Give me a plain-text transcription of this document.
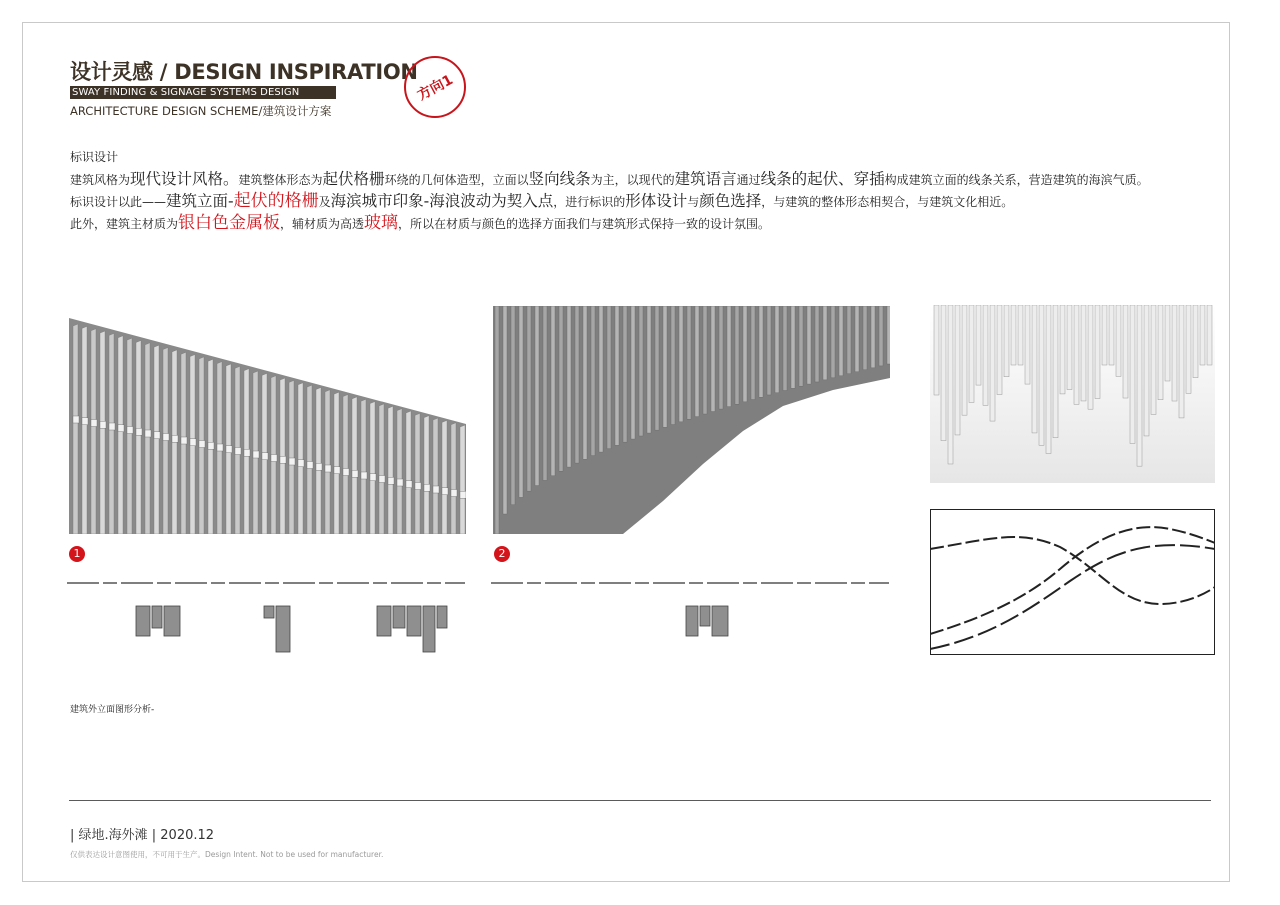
设计灵感 / DESIGN INSPIRATION
SWAY FINDING & SIGNAGE SYSTEMS DESIGN
ARCHITECTURE DESIGN SCHEME/建筑设计方案
方向1
标识设计
建筑风格为现代设计风格。建筑整体形态为起伏格栅环绕的几何体造型，立面以竖向线条为主，以现代的建筑语言通过线条的起伏、穿插构成建筑立面的线条关系，营造建筑的海滨气质。
标识设计以此——建筑立面-起伏的格栅及海滨城市印象-海浪波动为契入点，进行标识的形体设计与颜色选择，与建筑的整体形态相契合，与建筑文化相近。
此外，建筑主材质为银白色金属板，辅材质为高透玻璃，所以在材质与颜色的选择方面我们与建筑形式保持一致的设计氛围。
1	2
建筑外立面图形分析-
| 绿地.海外滩 | 2020.12
仅供表达设计意图使用，不可用于生产。Design Intent. Not to be used for manufacturer.
